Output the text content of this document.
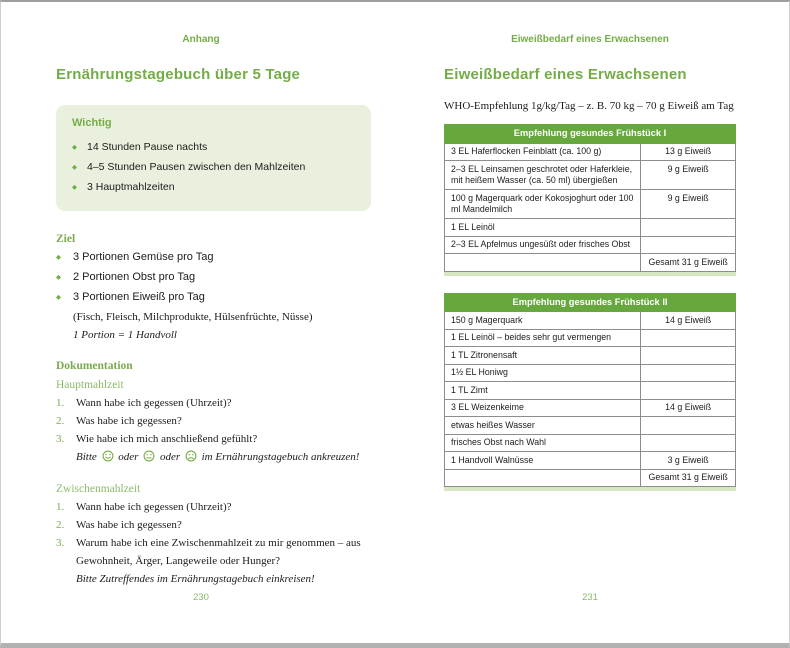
Anhang
Ernährungstagebuch über 5 Tage
Wichtig
◆ 14 Stunden Pause nachts
◆ 4–5 Stunden Pausen zwischen den Mahlzeiten
◆ 3 Hauptmahlzeiten
Ziel
◆	3 Portionen Gemüse pro Tag
◆	2 Portionen Obst pro Tag
◆	3 Portionen Eiweiß pro Tag
(Fisch, Fleisch, Milchprodukte, Hülsenfrüchte, Nüsse)
1 Portion = 1 Handvoll
Dokumentation
Hauptmahlzeit
1.	Wann habe ich gegessen (Uhrzeit)?
2.	Was habe ich gegessen?
3.	Wie habe ich mich anschließend gefühlt?
Bitte oder oder im Ernährungstagebuch ankreuzen!
Zwischenmahlzeit
1.	Wann habe ich gegessen (Uhrzeit)?
2.	Was habe ich gegessen?
3.	Warum habe ich eine Zwischenmahlzeit zu mir genommen – aus Gewohnheit, Ärger, Langeweile oder Hunger?
Bitte Zutreffendes im Ernährungstagebuch einkreisen!
230
Eiweißbedarf eines Erwachsenen
Eiweißbedarf eines Erwachsenen
WHO-Empfehlung 1g/kg/Tag – z. B. 70 kg – 70 g Eiweiß am Tag
Empfehlung gesundes Frühstück I	
3 EL Haferflocken Feinblatt (ca. 100 g)	13 g Eiweiß
2–3 EL Leinsamen geschrotet oder Haferkleie, mit heißem Wasser (ca. 50 ml) übergießen	9 g Eiweiß
100 g Magerquark oder Kokosjoghurt oder 100 ml Mandelmilch	9 g Eiweiß
1 EL Leinöl	
2–3 EL Apfelmus ungesüßt oder frisches Obst	
	Gesamt 31 g Eiweiß
Empfehlung gesundes Frühstück II	
150 g Magerquark	14 g Eiweiß
1 EL Leinöl – beides sehr gut vermengen	
1 TL Zitronensaft	
1½ EL Honiwg	
1 TL Zimt	
3 EL Weizenkeime	14 g Eiweiß
etwas heißes Wasser	
frisches Obst nach Wahl	
1 Handvoll Walnüsse	3 g Eiweiß
	Gesamt 31 g Eiweiß
231
